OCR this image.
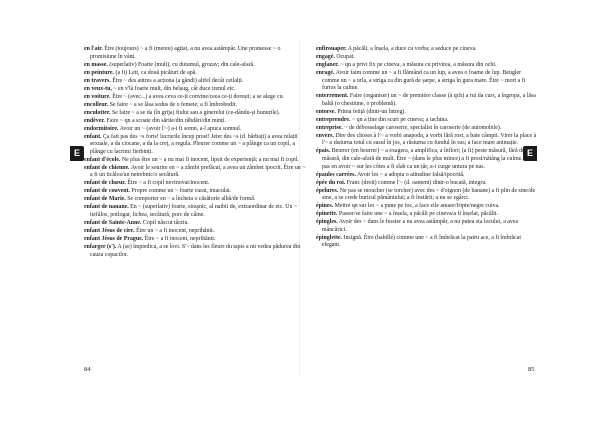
E	E

en l'air. Être (toujours) ~ a fi (mereu) agitat, a nu avea astâmpăr. Une promesse ~ o promisiune în vânt.

en masse. (superlativ) Foarte (mult), cu duiumul, grozav; din cale-afară.

en peinture. (a fi) Leit, ca două picături de apă.

en travers. Être ~ des autres a acționa (a gândi) altfel decât ceilalți.

en veux-tu, ~ en v'là foarte mult, din belșug, cât duce trenul etc.

en voiture. Être ~ (avec...) a avea ceva ce-ți convine/ceea ce-ți dorești; a se alege cu.

encolleur. Se faire ~ a se lăsa sedus de o femeie; a fi îmbrobodit.

enculotter. Se faire ~ a se da (în grija) fiului sau a ginerelui (ce-dându-și bunurile).

endêver. Faire ~ qn a scoate din sărite/din răbdări/din minți.

endormitoire. Avoir un ~ (avoir l'~) a-i fi somn, a-l apuca somnul.

enfant. Ça fait pas des ~s forts! lucrurile încep prost! Jeter des ~s (d. bărbați) a avea relații sexuale, a da ciocane, a da la creț, a regula. Pleurer comme un ~ a plânge ca un copil, a plânge cu lacrimi fierbinți.

enfant d'école. Ne plus être un ~ a nu mai fi inocent, lipsit de experiență; a nu mai fi copil.

enfant de chienne. Avoir le sourire en ~ a zâmbi prefăcut, a avea un zâmbet ipocrit. Être un ~ a fi un ticălos/un netrebnic/o secătură.

enfant de chœur. Être ~ a fi copil nevinovat/inocent.

enfant de couvent. Propre comme un ~ foarte curat, imaculat.

enfant de Marie. Se comporter en ~ a încheia o căsătorie albă/de formă.

enfant de nanane. En ~ (superlativ) foarte, straşnic, al naibii de, extraordinar de etc. Un ~ tiefălos, potlogar, lichea, secătură, porc de câine.

enfant de Sainte-Anne. Copil născut târziu.

enfant Jésus de cire. Être un ~ a fi inocent, neprihănit.

enfant Jésus de Prague. Être ~ a fi inocent, neprihănit.

enfarger (s'). A (se) împiedica, a se lovi. S'~ dans les fleurs du tapis a nu vedea pădurea din cauza copacilor.

enfirouaper. A păcăli, a înșela, a duce cu vorba; a seduce pe cineva.

engagé. Ocupat.

englaner. ~ qn a privi fix pe cineva, a măsura cu privirea, a măsura din ochi.

enragé. Avoir faim comme un ~ a fi flămând ca un lup, a avea o foame de lup. Beugler comme un ~ a urla, a striga ca din gură de șarpe, a striga în gura mare. Être ~ mort a fi furios la culme.

enterrement. Faire (organiser) un ~ de première classe (à qch) a rui da curs, a îngropa, a lăsa baltă (o chestiune, o problemă).

entorse. Prima fetiță (dintr-un întreg).

entreprendre. ~ qn a ține din scurt pe cineva; a tachina.

entreprise. ~ de débosselage caroserie, specialist în caroserie (de automobile).

envers. Dire des choses à l'~ a vorbi anapoda, a vorbi fără rost, a bate câmpii. Virer la place à l'~ a răsturna totul cu susul în jos, a răsturna cu fundul în sus; a face mare animație.

épais. Beurrer (en beurrer) ~ a exagera, a amplifica, a înflori; (a fi) peste măsură, fără de măsură, din cale-afară de mult. Être ~ (dans le plus mince) a fi prost/nătâng la culme. Ne pas en avoir ~ sur les côtes a fi slab ca un țâr, a-i curge untura pe nas.

épaules carrées. Avoir les ~ a adopta o atitudine falsă/ipocrită.

épée du roi. Franc (droit) comme l'~ (d. oameni) dintr-o bucată, integru.

épelures. Ne pas se moucher (se torcher) avec des ~ d'oignon (de banane) a fi plin de sine/de sine, a se crede buricul pământului; a fi înstărit; a nu se zgârci.

épines. Mettre qn sur les ~ a pune pe foc, a face zile amare/fripte/negre cuiva.

épinette. Passer/se faire une ~ a înșela, a păcăli pe cineva/a fi înșelat, păcălit.

épingles. Avoir des ~ dans le fessier a nu avea astâmpăr, a nu putea sta locului, a avea mâncărici.

épinglette. Insignă. Être (habillé) comme une ~ a fi îmbrăcat la patru ace, a fi îmbrăcat elegant.

84	85
